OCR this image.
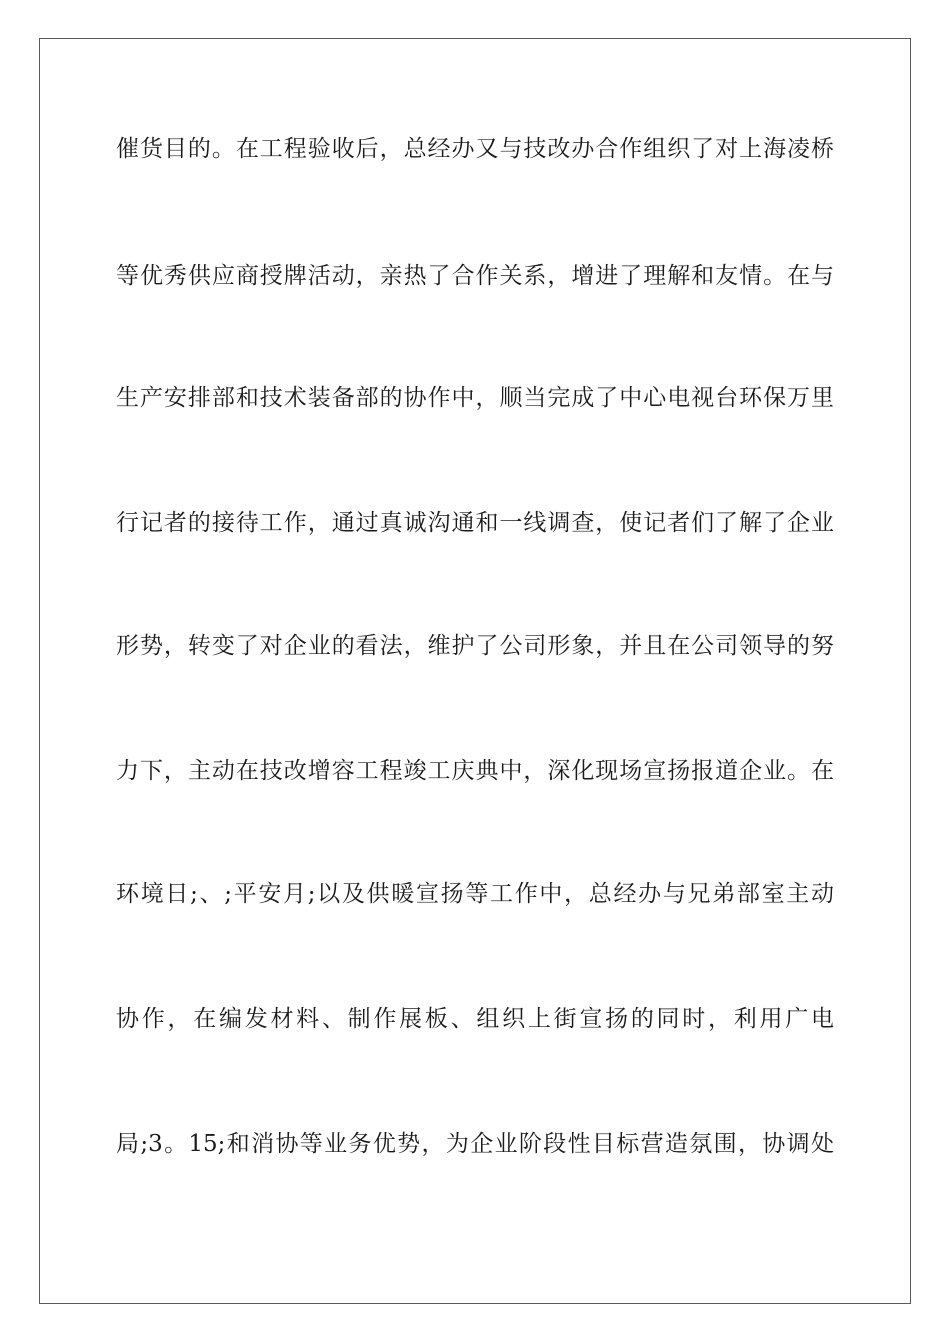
催货目的。在工程验收后，总经办又与技改办合作组织了对上海凌桥

等优秀供应商授牌活动，亲热了合作关系，增进了理解和友情。在与

生产安排部和技术装备部的协作中，顺当完成了中心电视台环保万里

行记者的接待工作，通过真诚沟通和一线调查，使记者们了解了企业

形势，转变了对企业的看法，维护了公司形象，并且在公司领导的努

力下，主动在技改增容工程竣工庆典中，深化现场宣扬报道企业。在

环境日;、;平安月;以及供暖宣扬等工作中，总经办与兄弟部室主动

协作，在编发材料、制作展板、组织上街宣扬的同时，利用广电

局;3。15;和消协等业务优势，为企业阶段性目标营造氛围，协调处
